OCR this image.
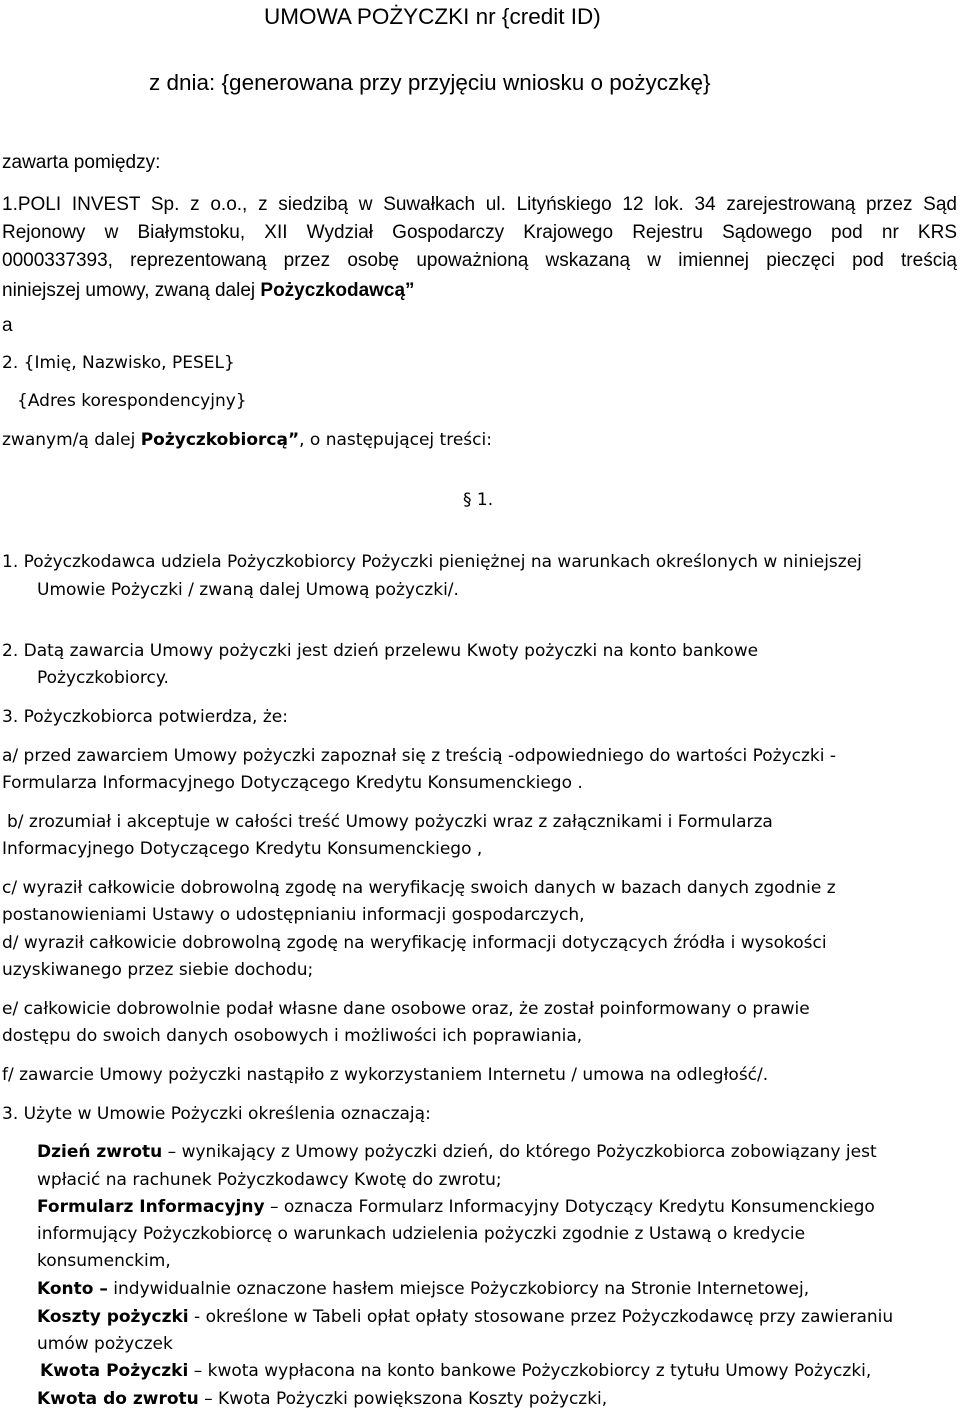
UMOWA POŻYCZKI nr {credit ID)
z dnia: {generowana przy przyjęciu wniosku o pożyczkę}
zawarta pomiędzy:
1.POLI INVEST Sp. z o.o., z siedzibą w Suwałkach ul. Lityńskiego 12 lok. 34 zarejestrowaną przez Sąd
Rejonowy w Białymstoku, XII Wydział Gospodarczy Krajowego Rejestru Sądowego pod nr KRS
0000337393, reprezentowaną przez osobę upoważnioną wskazaną w imiennej pieczęci pod treścią
niniejszej umowy, zwaną dalej Pożyczkodawcą”
a
2. {Imię, Nazwisko, PESEL}
{Adres korespondencyjny}
zwanym/ą dalej Pożyczkobiorcą”, o następującej treści:
§ 1.
1. Pożyczkodawca udziela Pożyczkobiorcy Pożyczki pieniężnej na warunkach określonych w niniejszej
Umowie Pożyczki / zwaną dalej Umową pożyczki/.
2. Datą zawarcia Umowy pożyczki jest dzień przelewu Kwoty pożyczki na konto bankowe
Pożyczkobiorcy.
3. Pożyczkobiorca potwierdza, że:
a/ przed zawarciem Umowy pożyczki zapoznał się z treścią -odpowiedniego do wartości Pożyczki -
Formularza Informacyjnego Dotyczącego Kredytu Konsumenckiego .
b/ zrozumiał i akceptuje w całości treść Umowy pożyczki wraz z załącznikami i Formularza
Informacyjnego Dotyczącego Kredytu Konsumenckiego ,
c/ wyraził całkowicie dobrowolną zgodę na weryfikację swoich danych w bazach danych zgodnie z
postanowieniami Ustawy o udostępnianiu informacji gospodarczych,
d/ wyraził całkowicie dobrowolną zgodę na weryfikację informacji dotyczących źródła i wysokości
uzyskiwanego przez siebie dochodu;
e/ całkowicie dobrowolnie podał własne dane osobowe oraz, że został poinformowany o prawie
dostępu do swoich danych osobowych i możliwości ich poprawiania,
f/ zawarcie Umowy pożyczki nastąpiło z wykorzystaniem Internetu / umowa na odległość/.
3. Użyte w Umowie Pożyczki określenia oznaczają:
Dzień zwrotu – wynikający z Umowy pożyczki dzień, do którego Pożyczkobiorca zobowiązany jest
wpłacić na rachunek Pożyczkodawcy Kwotę do zwrotu;
Formularz Informacyjny – oznacza Formularz Informacyjny Dotyczący Kredytu Konsumenckiego
informujący Pożyczkobiorcę o warunkach udzielenia pożyczki zgodnie z Ustawą o kredycie
konsumenckim,
Konto – indywidualnie oznaczone hasłem miejsce Pożyczkobiorcy na Stronie Internetowej,
Koszty pożyczki - określone w Tabeli opłat opłaty stosowane przez Pożyczkodawcę przy zawieraniu
umów pożyczek
Kwota Pożyczki – kwota wypłacona na konto bankowe Pożyczkobiorcy z tytułu Umowy Pożyczki,
Kwota do zwrotu – Kwota Pożyczki powiększona Koszty pożyczki,
